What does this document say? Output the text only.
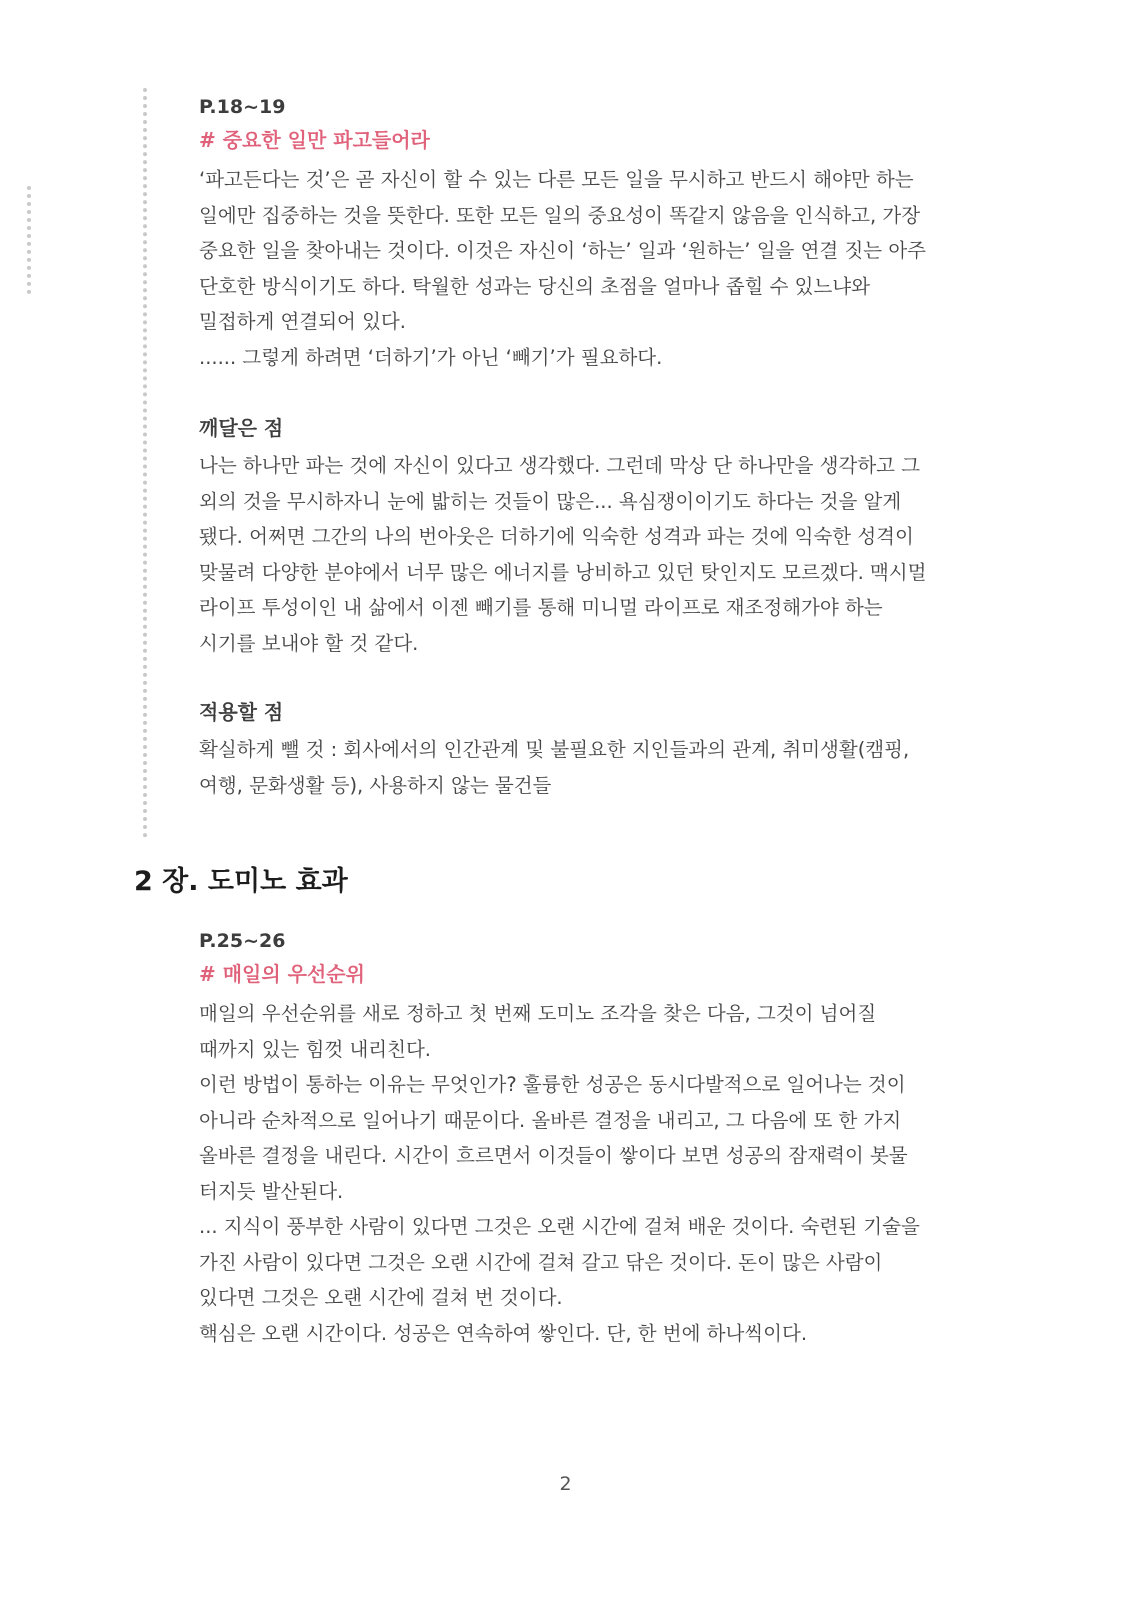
P.18~19

# 중요한 일만 파고들어라

‘파고든다는 것’은 곧 자신이 할 수 있는 다른 모든 일을 무시하고 반드시 해야만 하는
일에만 집중하는 것을 뜻한다. 또한 모든 일의 중요성이 똑같지 않음을 인식하고, 가장
중요한 일을 찾아내는 것이다. 이것은 자신이 ‘하는’ 일과 ‘원하는’ 일을 연결 짓는 아주
단호한 방식이기도 하다. 탁월한 성과는 당신의 초점을 얼마나 좁힐 수 있느냐와
밀접하게 연결되어 있다.
...... 그렇게 하려면 ‘더하기’가 아닌 ‘빼기’가 필요하다.

깨달은 점

나는 하나만 파는 것에 자신이 있다고 생각했다. 그런데 막상 단 하나만을 생각하고 그
외의 것을 무시하자니 눈에 밟히는 것들이 많은... 욕심쟁이이기도 하다는 것을 알게
됐다. 어쩌면 그간의 나의 번아웃은 더하기에 익숙한 성격과 파는 것에 익숙한 성격이
맞물려 다양한 분야에서 너무 많은 에너지를 낭비하고 있던 탓인지도 모르겠다. 맥시멀
라이프 투성이인 내 삶에서 이젠 빼기를 통해 미니멀 라이프로 재조정해가야 하는
시기를 보내야 할 것 같다.

적용할 점

확실하게 뺄 것 : 회사에서의 인간관계 및 불필요한 지인들과의 관계, 취미생활(캠핑,
여행, 문화생활 등), 사용하지 않는 물건들

2 장. 도미노 효과

P.25~26

# 매일의 우선순위

매일의 우선순위를 새로 정하고 첫 번째 도미노 조각을 찾은 다음, 그것이 넘어질
때까지 있는 힘껏 내리친다.
이런 방법이 통하는 이유는 무엇인가? 훌륭한 성공은 동시다발적으로 일어나는 것이
아니라 순차적으로 일어나기 때문이다. 올바른 결정을 내리고, 그 다음에 또 한 가지
올바른 결정을 내린다. 시간이 흐르면서 이것들이 쌓이다 보면 성공의 잠재력이 봇물
터지듯 발산된다.
... 지식이 풍부한 사람이 있다면 그것은 오랜 시간에 걸쳐 배운 것이다. 숙련된 기술을
가진 사람이 있다면 그것은 오랜 시간에 걸쳐 갈고 닦은 것이다. 돈이 많은 사람이
있다면 그것은 오랜 시간에 걸쳐 번 것이다.
핵심은 오랜 시간이다. 성공은 연속하여 쌓인다. 단, 한 번에 하나씩이다.

2
